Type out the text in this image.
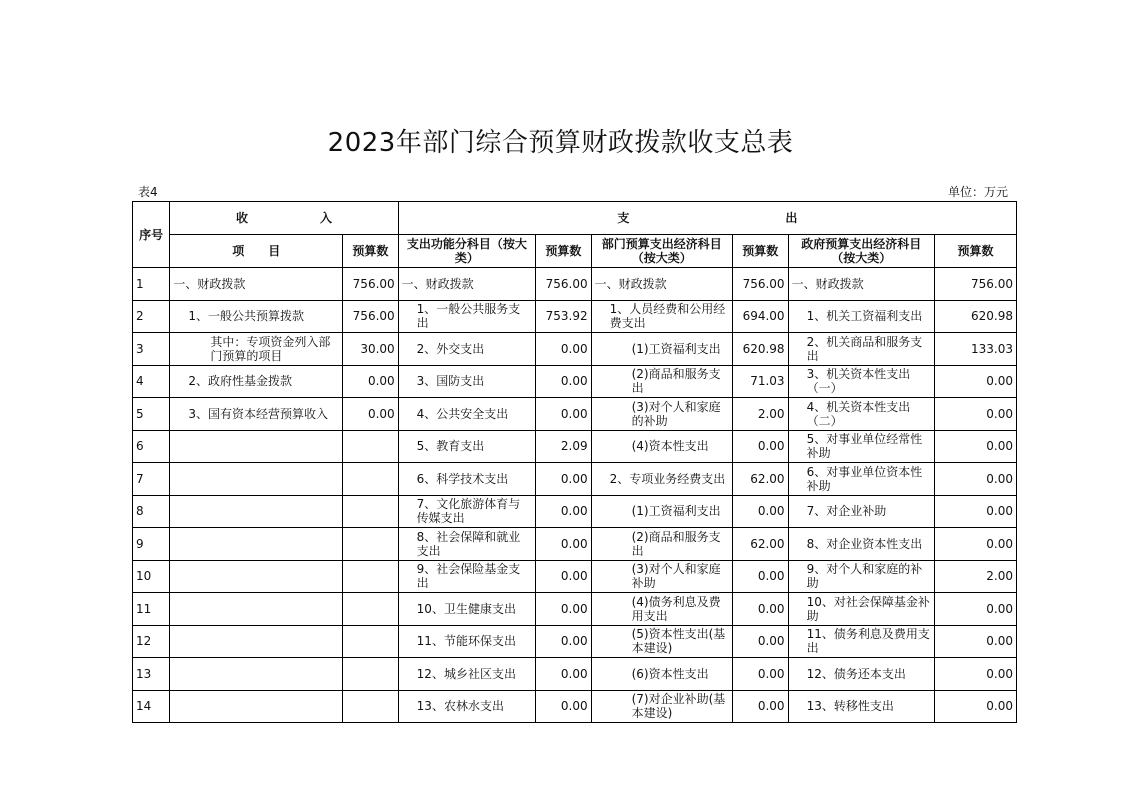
2023年部门综合预算财政拨款收支总表
表4	单位：万元
序号	收　　　　　　入		支　　　　　　　　　　　　　出					
	项　　目	预算数	支出功能分科目（按大类）	预算数	部门预算支出经济科目（按大类）	预算数	政府预算支出经济科目（按大类）	预算数
1	一、财政拨款	756.00	一、财政拨款	756.00	一、财政拨款	756.00	一、财政拨款	756.00
2	1、一般公共预算拨款	756.00	1、一般公共服务支出	753.92	1、人员经费和公用经费支出	694.00	1、机关工资福利支出	620.98
3	其中：专项资金列入部门预算的项目	30.00	2、外交支出	0.00	(1)工资福利支出	620.98	2、机关商品和服务支出	133.03
4	2、政府性基金拨款	0.00	3、国防支出	0.00	(2)商品和服务支出	71.03	3、机关资本性支出（一）	0.00
5	3、国有资本经营预算收入	0.00	4、公共安全支出	0.00	(3)对个人和家庭的补助	2.00	4、机关资本性支出（二）	0.00
6			5、教育支出	2.09	(4)资本性支出	0.00	5、对事业单位经常性补助	0.00
7			6、科学技术支出	0.00	2、专项业务经费支出	62.00	6、对事业单位资本性补助	0.00
8			7、文化旅游体育与传媒支出	0.00	(1)工资福利支出	0.00	7、对企业补助	0.00
9			8、社会保障和就业支出	0.00	(2)商品和服务支出	62.00	8、对企业资本性支出	0.00
10			9、社会保险基金支出	0.00	(3)对个人和家庭补助	0.00	9、对个人和家庭的补助	2.00
11			10、卫生健康支出	0.00	(4)债务利息及费用支出	0.00	10、对社会保障基金补助	0.00
12			11、节能环保支出	0.00	(5)资本性支出(基本建设)	0.00	11、债务利息及费用支出	0.00
13			12、城乡社区支出	0.00	(6)资本性支出	0.00	12、债务还本支出	0.00
14			13、农林水支出	0.00	(7)对企业补助(基本建设)	0.00	13、转移性支出	0.00
